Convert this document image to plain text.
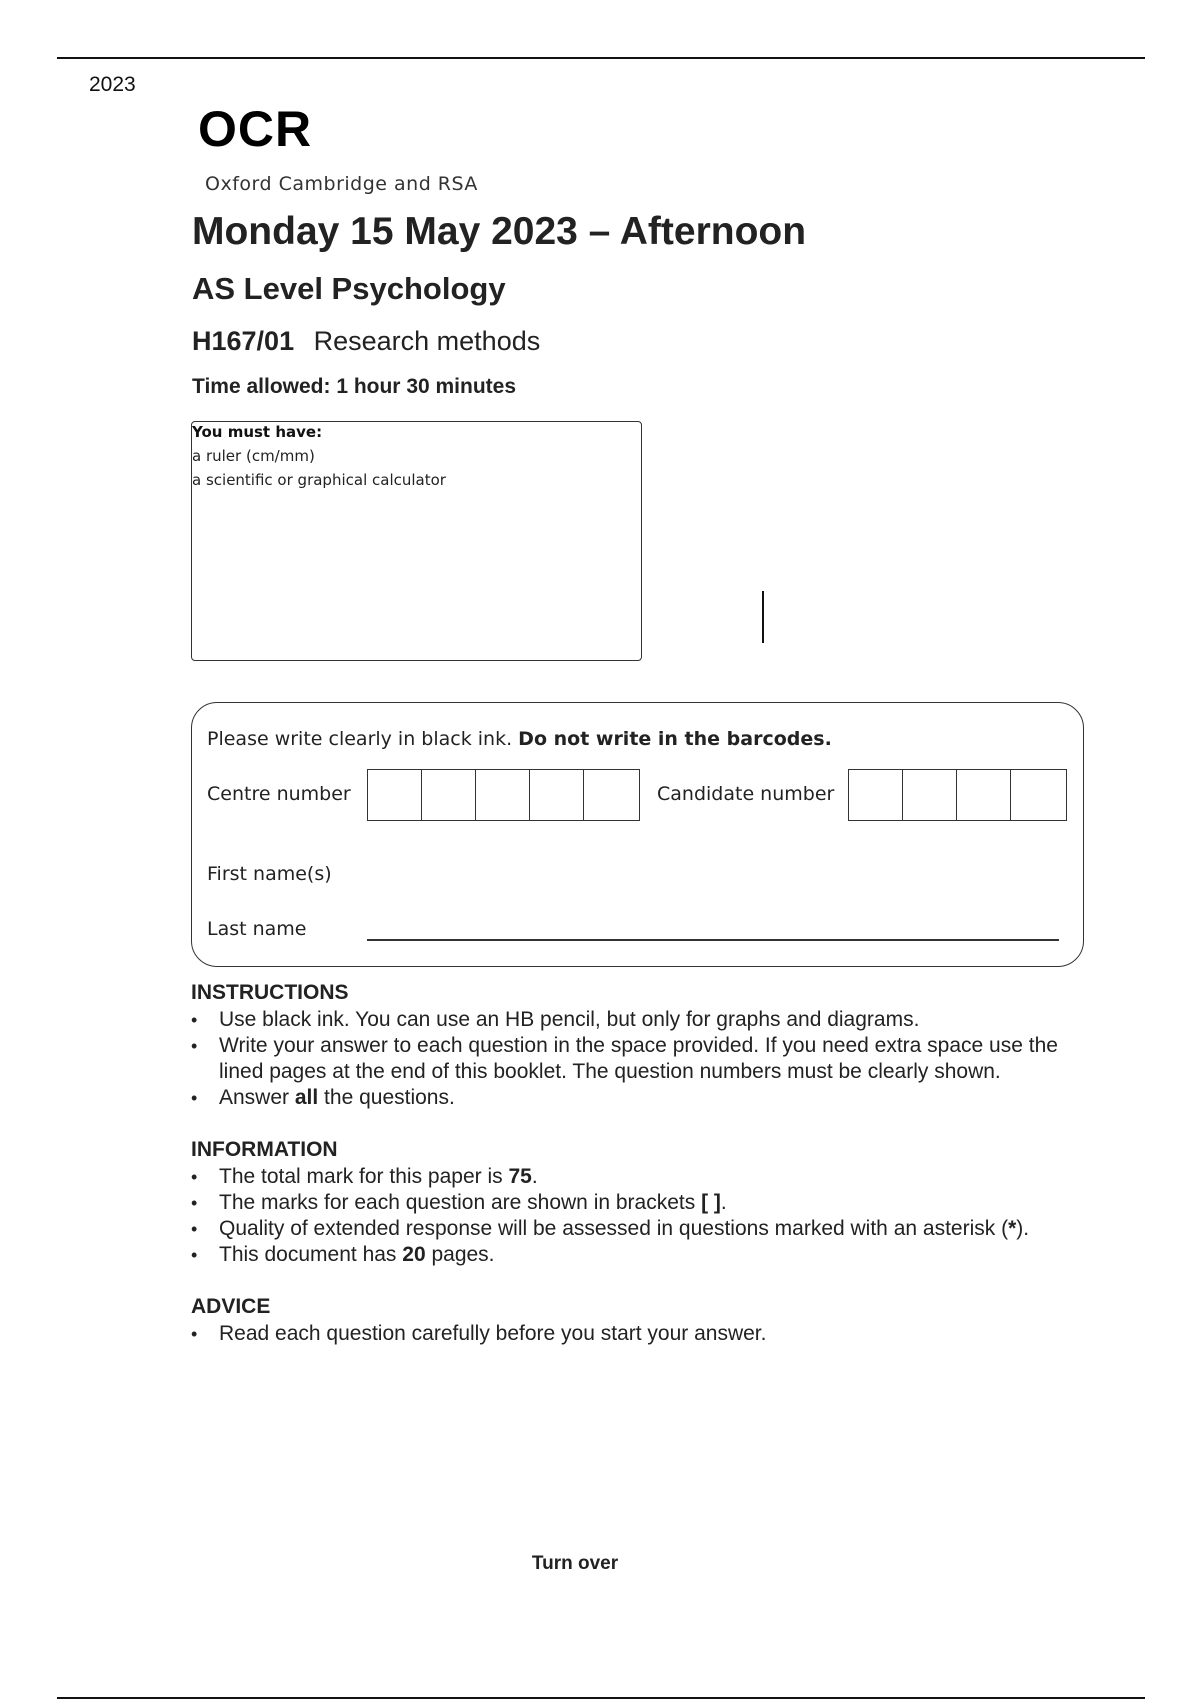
2023
OCR
Oxford Cambridge and RSA
Monday 15 May 2023 – Afternoon
AS Level Psychology
H167/01 Research methods
Time allowed: 1 hour 30 minutes
You must have:
a ruler (cm/mm)
a scientific or graphical calculator
Please write clearly in black ink. Do not write in the barcodes.
Centre number	Candidate number
First name(s)
Last name
INSTRUCTIONS
• Use black ink. You can use an HB pencil, but only for graphs and diagrams.
• Write your answer to each question in the space provided. If you need extra space use the lined pages at the end of this booklet. The question numbers must be clearly shown.
• Answer all the questions.
INFORMATION
• The total mark for this paper is 75.
• The marks for each question are shown in brackets [ ].
• Quality of extended response will be assessed in questions marked with an asterisk (*).
• This document has 20 pages.
ADVICE
• Read each question carefully before you start your answer.
Turn over
